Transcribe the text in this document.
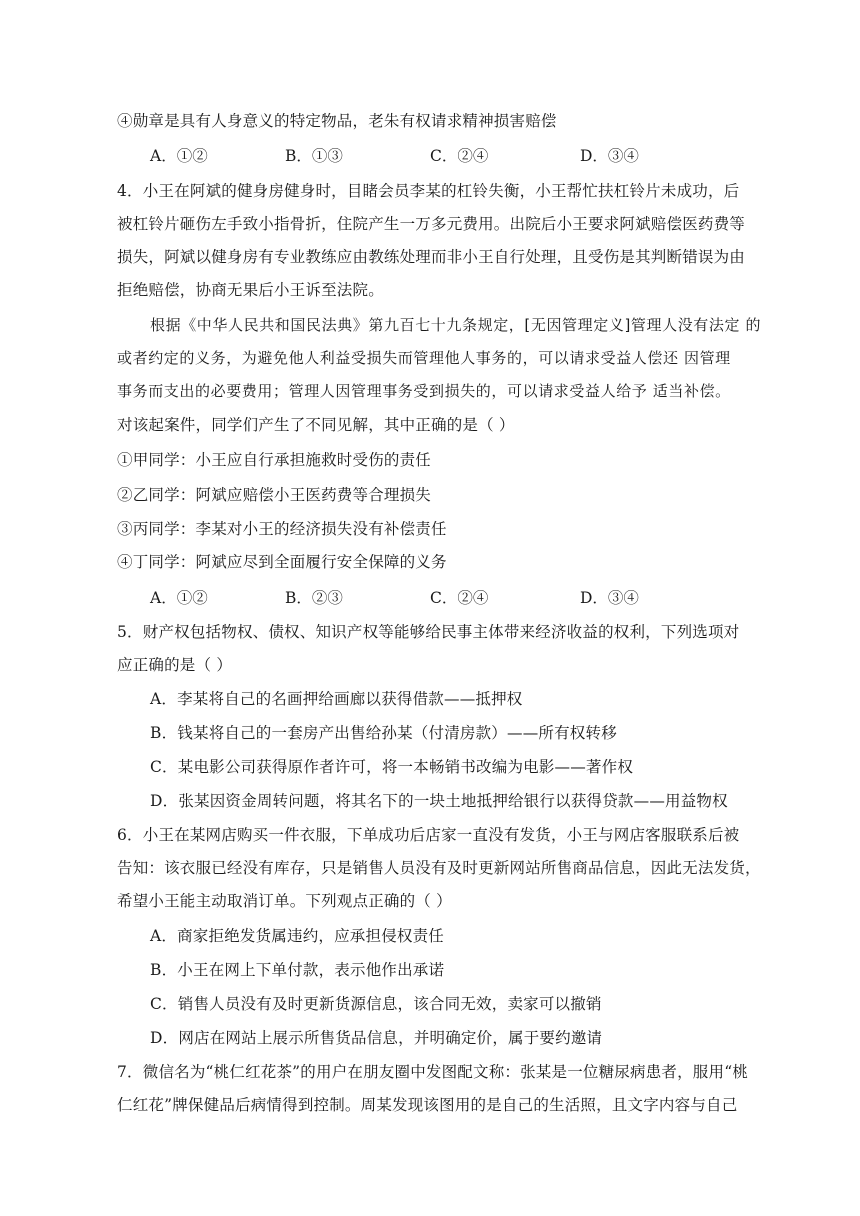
④勋章是具有人身意义的特定物品，老朱有权请求精神损害赔偿
A．①②	B．①③	C．②④	D．③④
4．小王在阿斌的健身房健身时，目睹会员李某的杠铃失衡，小王帮忙扶杠铃片未成功，后
被杠铃片砸伤左手致小指骨折，住院产生一万多元费用。出院后小王要求阿斌赔偿医药费等
损失，阿斌以健身房有专业教练应由教练处理而非小王自行处理，且受伤是其判断错误为由
拒绝赔偿，协商无果后小王诉至法院。
根据《中华人民共和国民法典》第九百七十九条规定，[无因管理定义]管理人没有法定 的
或者约定的义务，为避免他人利益受损失而管理他人事务的，可以请求受益人偿还 因管理
事务而支出的必要费用；管理人因管理事务受到损失的，可以请求受益人给予 适当补偿。
对该起案件，同学们产生了不同见解，其中正确的是（ ）
①甲同学：小王应自行承担施救时受伤的责任
②乙同学：阿斌应赔偿小王医药费等合理损失
③丙同学：李某对小王的经济损失没有补偿责任
④丁同学：阿斌应尽到全面履行安全保障的义务
A．①②	B．②③	C．②④	D．③④
5．财产权包括物权、债权、知识产权等能够给民事主体带来经济收益的权利，下列选项对
应正确的是（ ）
A．李某将自己的名画押给画廊以获得借款——抵押权
B．钱某将自己的一套房产出售给孙某（付清房款）——所有权转移
C．某电影公司获得原作者许可，将一本畅销书改编为电影——著作权
D．张某因资金周转问题，将其名下的一块土地抵押给银行以获得贷款——用益物权
6．小王在某网店购买一件衣服，下单成功后店家一直没有发货，小王与网店客服联系后被
告知：该衣服已经没有库存，只是销售人员没有及时更新网站所售商品信息，因此无法发货，
希望小王能主动取消订单。下列观点正确的（ ）
A．商家拒绝发货属违约，应承担侵权责任
B．小王在网上下单付款，表示他作出承诺
C．销售人员没有及时更新货源信息，该合同无效，卖家可以撤销
D．网店在网站上展示所售货品信息，并明确定价，属于要约邀请
7．微信名为“桃仁红花茶”的用户在朋友圈中发图配文称：张某是一位糖尿病患者，服用“桃
仁红花”牌保健品后病情得到控制。周某发现该图用的是自己的生活照，且文字内容与自己
